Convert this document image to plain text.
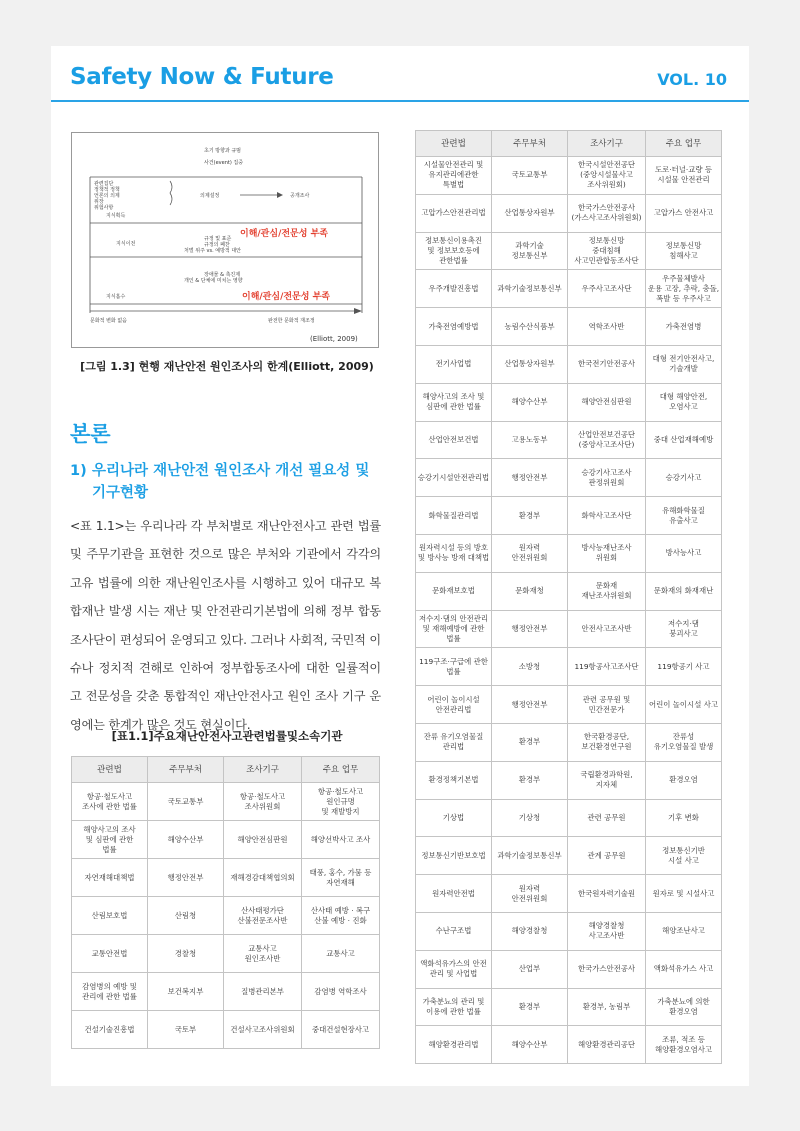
Safety Now & Future	VOL. 10
초기 방향과 규범
사건(event) 집중
관련집단
정책적 정책
언론의 의제
위장
위험사항
의제설정	공개조사
지식획득
이해/관심/전문성 부족
지식이전
규정 및 표준
규정의 폐찬
처벌 위주 vs. 예방적 대안
장애물 & 촉진제
개인 & 단체에 미치는 영향
이해/관심/전문성 부족
지식흡수
문화적 변화 없음	완전한 문화적 재조정
(Elliott, 2009)
[그림 1.3] 현행 재난안전 원인조사의 한계(Elliott, 2009)
본론
1) 우리나라 재난안전 원인조사 개선 필요성 및
기구현황
<표 1.1>는 우리나라 각 부처별로 재난안전사고 관련 법률 및 주무기관을 표현한 것으로 많은 부처와 기관에서 각각의 고유 법률에 의한 재난원인조사를 시행하고 있어 대규모 복합재난 발생 시는 재난 및 안전관리기본법에 의해 정부 합동조사단이 편성되어 운영되고 있다. 그러나 사회적, 국민적 이슈나 정치적 견해로 인하여 정부합동조사에 대한 일률적이고 전문성을 갖춘 통합적인 재난안전사고 원인 조사 기구 운영에는 한계가 많은 것도 현실이다.
[표1.1]주요재난안전사고관련법률및소속기관
관련법	주무부처	조사기구	주요 업무
항공·철도사고
조사에 관한 법률	국토교통부	항공·철도사고
조사위원회	항공·철도사고
원인규명
및 재발방지
해양사고의 조사
및 심판에 관한
법률	해양수산부	해양안전심판원	해양선박사고 조사
자연재해대책법	행정안전부	재해경감대책협의회	태풍, 홍수, 가뭄 등
자연재해
산림보호법	산림청	산사태평가단
산불전문조사반	산사태 예방 · 복구
산불 예방 · 진화
교통안전법	경찰청	교통사고
원인조사반	교통사고
감염병의 예방 및
관리에 관한 법률	보건복지부	질병관리본부	감염병 역학조사
건설기술진흥법	국토부	건설사고조사위원회	중대건설현장사고
관련법	주무부처	조사기구	주요 업무
시설물안전관리 및
유지관리에관한
특별법	국토교통부	한국시설안전공단
(중앙시설물사고
조사위원회)	도로·터널·교량 등
시설물 안전관리
고압가스안전관리법	산업통상자원부	한국가스안전공사
(가스사고조사위원회)	고압가스 안전사고
정보통신이용촉진
및 정보보호등에
관한법률	과학기술
정보통신부	정보통신망
중대침해
사고민관합동조사단	정보통신망
침해사고
우주개발진흥법	과학기술정보통신부	우주사고조사단	우주물체발사
운용 고장, 추락, 충돌,
폭발 등 우주사고
가축전염예방법	농림수산식품부	역학조사반	가축전염병
전기사업법	산업통상자원부	한국전기안전공사	대형 전기안전사고,
기술개발
해양사고의 조사 및
심판에 관한 법률	해양수산부	해양안전심판원	대형 해양안전,
오염사고
산업안전보건법	고용노동부	산업안전보건공단
(중앙사고조사단)	중대 산업재해예방
승강기시설안전관리법	행정안전부	승강기사고조사
판정위원회	승강기사고
화학물질관리법	환경부	화학사고조사단	유해화학물질
유출사고
원자력시설 등의 방호
및 방사능 방재 대책법	원자력
안전위원회	방사능재난조사
위원회	방사능사고
문화재보호법	문화재청	문화재
재난조사위원회	문화재의 화재재난
저수지·댐의 안전관리
및 재해예방에 관한
법률	행정안전부	안전사고조사반	저수지·댐
붕괴사고
119구조·구급에 관한
법률	소방청	119항공사고조사단	119항공기 사고
어린이 놀이시설
안전관리법	행정안전부	관련 공무원 및
민간전문가	어린이 놀이시설 사고
잔류 유기오염물질
관리법	환경부	한국환경공단,
보건환경연구원	잔류성
유기오염물질 발생
환경정책기본법	환경부	국립환경과학원,
지자체	환경오염
기상법	기상청	관련 공무원	기후 변화
정보통신기반보호법	과학기술정보통신부	관계 공무원	정보통신기반
시설 사고
원자력안전법	원자력
안전위원회	한국원자력기술원	원자로 및 시설사고
수난구조법	해양경찰청	해양경찰청
사고조사반	해양조난사고
액화석유가스의 안전
관리 및 사업법	산업부	한국가스안전공사	액화석유가스 사고
가축분뇨의 관리 및
이용에 관한 법률	환경부	환경부, 농림부	가축분뇨에 의한
환경오염
해양환경관리법	해양수산부	해양환경관리공단	조류, 적조 등
해양환경오염사고
